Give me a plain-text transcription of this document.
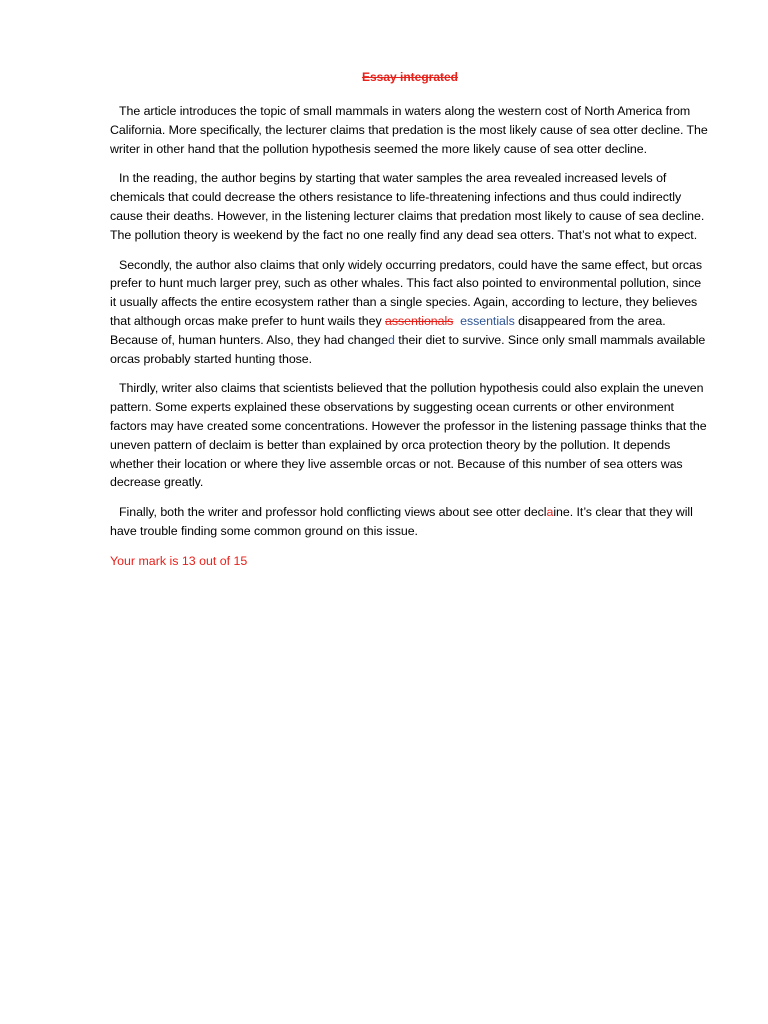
Essay integrated

The article introduces the topic of small mammals in waters along the western cost of North America from California. More specifically, the lecturer claims that predation is the most likely cause of sea otter decline. The writer in other hand that the pollution hypothesis seemed the more likely cause of sea otter decline.

In the reading, the author begins by starting that water samples the area revealed increased levels of chemicals that could decrease the others resistance to life-threatening infections and thus could indirectly cause their deaths. However, in the listening lecturer claims that predation most likely to cause of sea decline. The pollution theory is weekend by the fact no one really find any dead sea otters. That’s not what to expect.

Secondly, the author also claims that only widely occurring predators, could have the same effect, but orcas prefer to hunt much larger prey, such as other whales. This fact also pointed to environmental pollution, since it usually affects the entire ecosystem rather than a single species. Again, according to lecture, they believes that although orcas make prefer to hunt wails they assentionals essentials disappeared from the area. Because of, human hunters. Also, they had changed their diet to survive. Since only small mammals available orcas probably started hunting those.

Thirdly, writer also claims that scientists believed that the pollution hypothesis could also explain the uneven pattern. Some experts explained these observations by suggesting ocean currents or other environment factors may have created some concentrations. However the professor in the listening passage thinks that the uneven pattern of declaim is better than explained by orca protection theory by the pollution. It depends whether their location or where they live assemble orcas or not. Because of this number of sea otters was decrease greatly.

Finally, both the writer and professor hold conflicting views about see otter declaine. It’s clear that they will have trouble finding some common ground on this issue.

Your mark is 13 out of 15
